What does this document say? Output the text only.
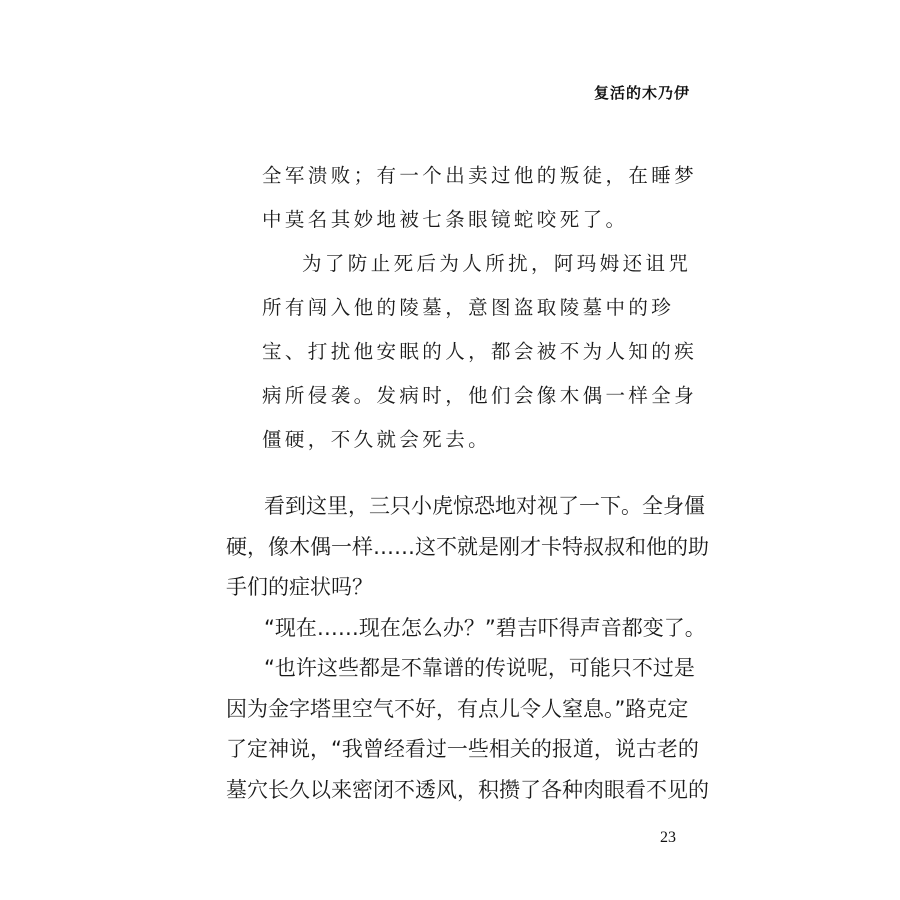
复活的木乃伊
全军溃败；有一个出卖过他的叛徒，在睡梦
中莫名其妙地被七条眼镜蛇咬死了。
为了防止死后为人所扰，阿玛姆还诅咒
所有闯入他的陵墓，意图盗取陵墓中的珍
宝、打扰他安眠的人，都会被不为人知的疾
病所侵袭。发病时，他们会像木偶一样全身
僵硬，不久就会死去。
看到这里，三只小虎惊恐地对视了一下。全身僵
硬，像木偶一样……这不就是刚才卡特叔叔和他的助
手们的症状吗？
“现在……现在怎么办？”碧吉吓得声音都变了。
“也许这些都是不靠谱的传说呢，可能只不过是
因为金字塔里空气不好，有点儿令人窒息。”路克定
了定神说，“我曾经看过一些相关的报道，说古老的
墓穴长久以来密闭不透风，积攒了各种肉眼看不见的
23
